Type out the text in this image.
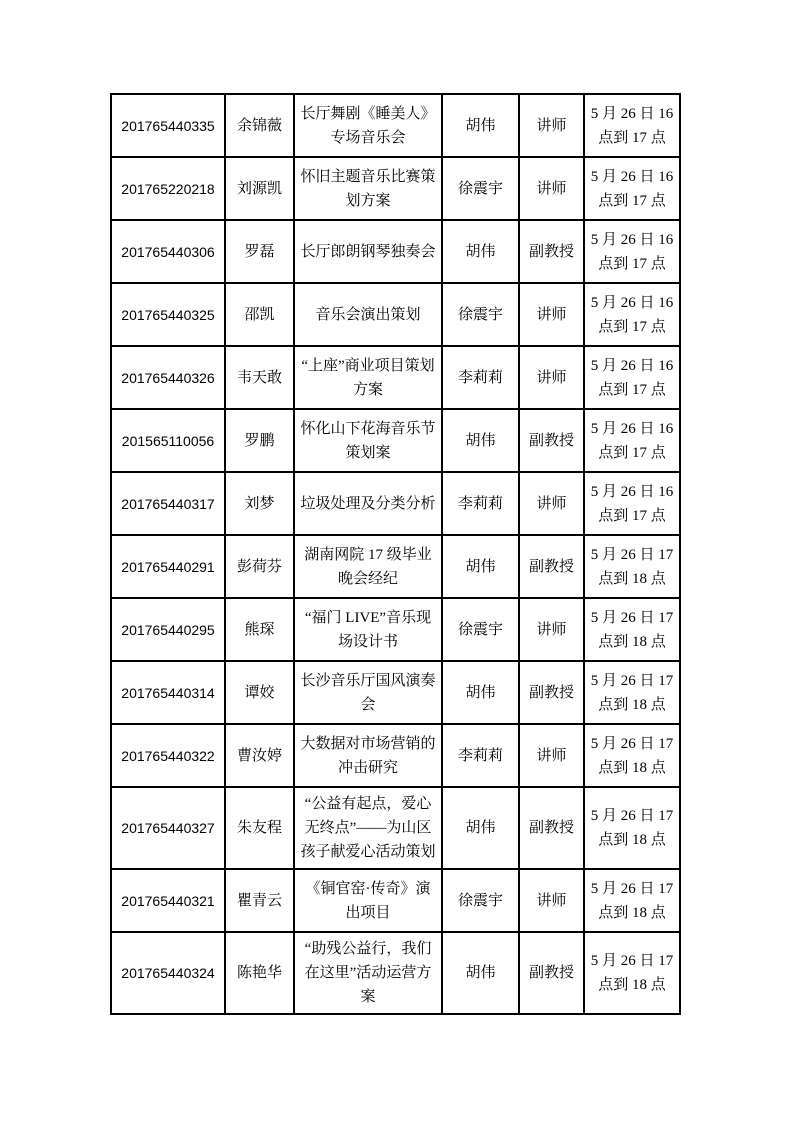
201765440335	余锦薇	长厅舞剧《睡美人》专场音乐会	胡伟	讲师	5 月 26 日 16 点到 17 点
201765220218	刘源凯	怀旧主题音乐比赛策划方案	徐震宇	讲师	5 月 26 日 16 点到 17 点
201765440306	罗磊	长厅郎朗钢琴独奏会	胡伟	副教授	5 月 26 日 16 点到 17 点
201765440325	邵凯	音乐会演出策划	徐震宇	讲师	5 月 26 日 16 点到 17 点
201765440326	韦天敢	“上座”商业项目策划方案	李莉莉	讲师	5 月 26 日 16 点到 17 点
201565110056	罗鹏	怀化山下花海音乐节策划案	胡伟	副教授	5 月 26 日 16 点到 17 点
201765440317	刘梦	垃圾处理及分类分析	李莉莉	讲师	5 月 26 日 16 点到 17 点
201765440291	彭荷芬	湖南网院 17 级毕业晚会经纪	胡伟	副教授	5 月 26 日 17 点到 18 点
201765440295	熊琛	“福门 LIVE”音乐现场设计书	徐震宇	讲师	5 月 26 日 17 点到 18 点
201765440314	谭姣	长沙音乐厅国风演奏会	胡伟	副教授	5 月 26 日 17 点到 18 点
201765440322	曹汝婷	大数据对市场营销的冲击研究	李莉莉	讲师	5 月 26 日 17 点到 18 点
201765440327	朱友程	“公益有起点，爱心无终点”——为山区孩子献爱心活动策划	胡伟	副教授	5 月 26 日 17 点到 18 点
201765440321	瞿青云	《铜官窑·传奇》演出项目	徐震宇	讲师	5 月 26 日 17 点到 18 点
201765440324	陈艳华	“助残公益行，我们在这里”活动运营方案	胡伟	副教授	5 月 26 日 17 点到 18 点
